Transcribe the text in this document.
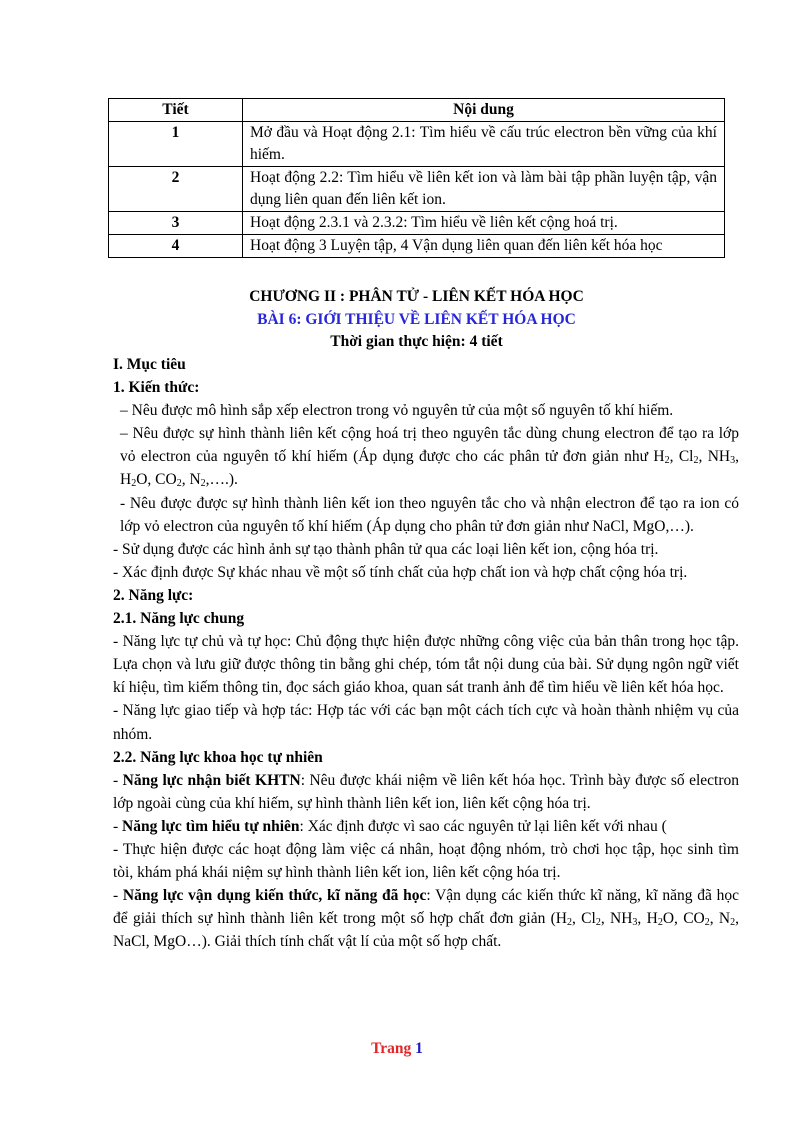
Tiết	Nội dung
1	Mở đầu và Hoạt động 2.1: Tìm hiểu về cấu trúc electron bền vững của khí hiếm.
2	Hoạt động 2.2: Tìm hiểu về liên kết ion và làm bài tập phần luyện tập, vận dụng liên quan đến liên kết ion.
3	Hoạt động 2.3.1 và 2.3.2: Tìm hiểu về liên kết cộng hoá trị.
4	Hoạt động 3 Luyện tập, 4 Vận dụng liên quan đến liên kết hóa học
CHƯƠNG II : PHÂN TỬ - LIÊN KẾT HÓA HỌC
BÀI 6: GIỚI THIỆU VỀ LIÊN KẾT HÓA HỌC
Thời gian thực hiện: 4 tiết

I. Mục tiêu

1. Kiến thức:

– Nêu được mô hình sắp xếp electron trong vỏ nguyên tử của một số nguyên tố khí hiếm.

– Nêu được sự hình thành liên kết cộng hoá trị theo nguyên tắc dùng chung electron để tạo ra lớp vỏ electron của nguyên tố khí hiếm (Áp dụng được cho các phân tử đơn giản như $H_2$, $Cl_2$, $NH_3$, $H_2O$, $CO_2$, $N_2,\dots$.).

- Nêu được được sự hình thành liên kết ion theo nguyên tắc cho và nhận electron để tạo ra ion có lớp vỏ electron của nguyên tố khí hiếm (Áp dụng cho phân tử đơn giản như NaCl, MgO,…).

- Sử dụng được các hình ảnh sự tạo thành phân tử qua các loại liên kết ion, cộng hóa trị.

- Xác định được Sự khác nhau về một số tính chất của hợp chất ion và hợp chất cộng hóa trị.

2. Năng lực:

2.1. Năng lực chung

- Năng lực tự chủ và tự học: Chủ động thực hiện được những công việc của bản thân trong học tập. Lựa chọn và lưu giữ được thông tin bằng ghi chép, tóm tắt nội dung của bài. Sử dụng ngôn ngữ viết kí hiệu, tìm kiếm thông tin, đọc sách giáo khoa, quan sát tranh ảnh để tìm hiểu về liên kết hóa học.

- Năng lực giao tiếp và hợp tác: Hợp tác với các bạn một cách tích cực và hoàn thành nhiệm vụ của nhóm.

2.2. Năng lực khoa học tự nhiên

- Năng lực nhận biết KHTN: Nêu được khái niệm về liên kết hóa học. Trình bày được số electron lớp ngoài cùng của khí hiếm, sự hình thành liên kết ion, liên kết cộng hóa trị.

- Năng lực tìm hiểu tự nhiên: Xác định được vì sao các nguyên tử lại liên kết với nhau (

- Thực hiện được các hoạt động làm việc cá nhân, hoạt động nhóm, trò chơi học tập, học sinh tìm tòi, khám phá khái niệm sự hình thành liên kết ion, liên kết cộng hóa trị.

- Năng lực vận dụng kiến thức, kĩ năng đã học: Vận dụng các kiến thức kĩ năng, kĩ năng đã học để giải thích sự hình thành liên kết trong một số hợp chất đơn giản ($H_2$, $Cl_2$, $NH_3$, $H_2O$, $CO_2$, $N_2$, NaCl, MgO…). Giải thích tính chất vật lí của một số hợp chất.

Trang 1
